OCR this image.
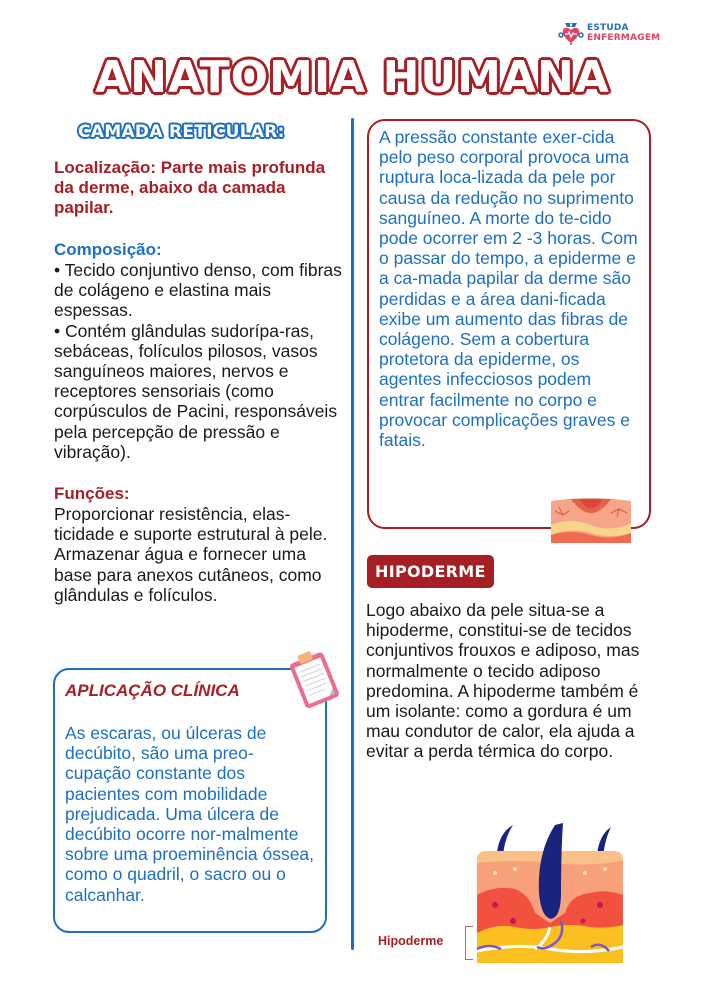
ESTUDA
ENFERMAGEM
ANATOMIA HUMANA
CAMADA RETICULAR:

Localização: Parte mais profunda da derme, abaixo da camada papilar.

Composição:

• Tecido conjuntivo denso, com fibras de colágeno e elastina mais espessas.

• Contém glândulas sudorípa-ras, sebáceas, folículos pilosos, vasos sanguíneos maiores, nervos e receptores sensoriais (como corpúsculos de Pacini, responsáveis pela percepção de pressão e vibração).

Funções:

Proporcionar resistência, elas-ticidade e suporte estrutural à pele. Armazenar água e fornecer uma base para anexos cutâneos, como glândulas e folículos.

APLICAÇÃO CLÍNICA

As escaras, ou úlceras de decúbito, são uma preo-cupação constante dos pacientes com mobilidade prejudicada. Uma úlcera de decúbito ocorre nor-malmente sobre uma proeminência óssea, como o quadril, o sacro ou o calcanhar.

A pressão constante exer-cida pelo peso corporal provoca uma ruptura loca-lizada da pele por causa da redução no suprimento sanguíneo. A morte do te-cido pode ocorrer em 2 -3 horas. Com o passar do tempo, a epiderme e a ca-mada papilar da derme são perdidas e a área dani-ficada exibe um aumento das fibras de colágeno. Sem a cobertura protetora da epiderme, os agentes infecciosos podem entrar facilmente no corpo e provocar complicações graves e fatais.

HIPODERME

Logo abaixo da pele situa-se a hipoderme, constitui-se de tecidos conjuntivos frouxos e adiposo, mas normalmente o tecido adiposo predomina. A hipoderme também é um isolante: como a gordura é um mau condutor de calor, ela ajuda a evitar a perda térmica do corpo.

Hipoderme
